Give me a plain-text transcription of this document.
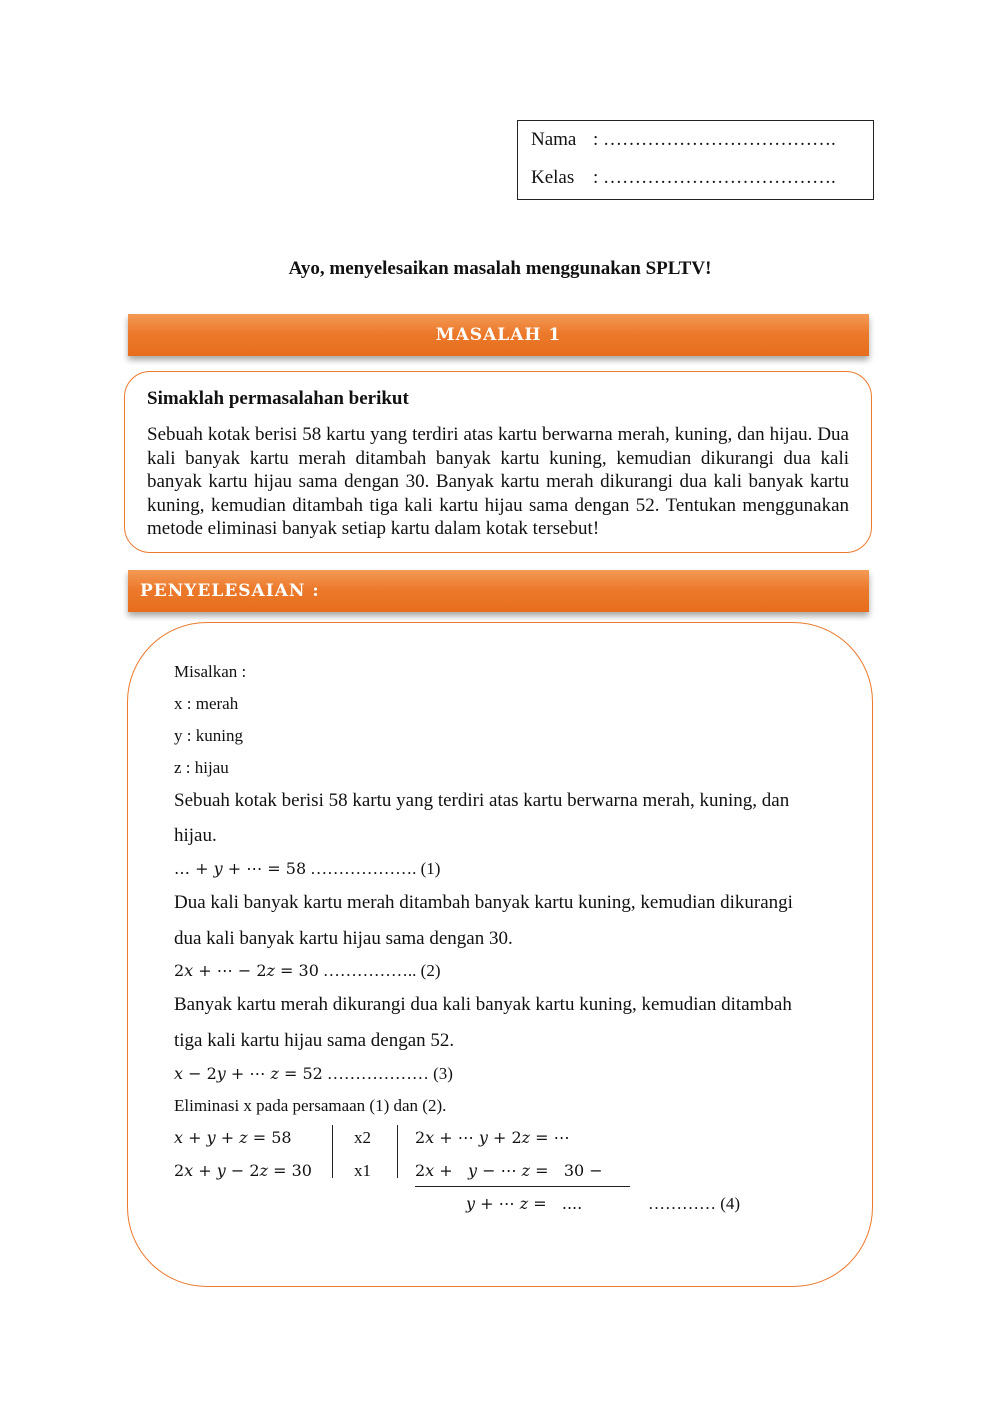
Nama : ……………………………….
Kelas : ……………………………….
Ayo, menyelesaikan masalah menggunakan SPLTV!
MASALAH 1
Simaklah permasalahan berikut

Sebuah kotak berisi 58 kartu yang terdiri atas kartu berwarna merah, kuning, dan hijau. Dua kali banyak kartu merah ditambah banyak kartu kuning, kemudian dikurangi dua kali banyak kartu hijau sama dengan 30. Banyak kartu merah dikurangi dua kali banyak kartu kuning, kemudian ditambah tiga kali kartu hijau sama dengan 52. Tentukan menggunakan metode eliminasi banyak setiap kartu dalam kotak tersebut!

PENYELESAIAN :
Misalkan :
x : merah
y : kuning
z : hijau
Sebuah kotak berisi 58 kartu yang terdiri atas kartu berwarna merah, kuning, dan
hijau.
… + 𝑦 + ⋯ = 58 ………………. (1)
Dua kali banyak kartu merah ditambah banyak kartu kuning, kemudian dikurangi
dua kali banyak kartu hijau sama dengan 30.
2𝑥 + ⋯ − 2𝑧 = 30 …………….. (2)
Banyak kartu merah dikurangi dua kali banyak kartu kuning, kemudian ditambah
tiga kali kartu hijau sama dengan 52.
𝑥 − 2𝑦 + ⋯ 𝑧 = 52 ……………… (3)
Eliminasi x pada persamaan (1) dan (2).
𝑥 + 𝑦 + 𝑧 = 58
2𝑥 + 𝑦 − 2𝑧 = 30
x2
x1
2𝑥 + ⋯ 𝑦 + 2𝑧 = ⋯
2𝑥 +   𝑦 − ⋯ 𝑧 =   30 −
𝑦 + ⋯ 𝑧 =   ....	………… (4)
